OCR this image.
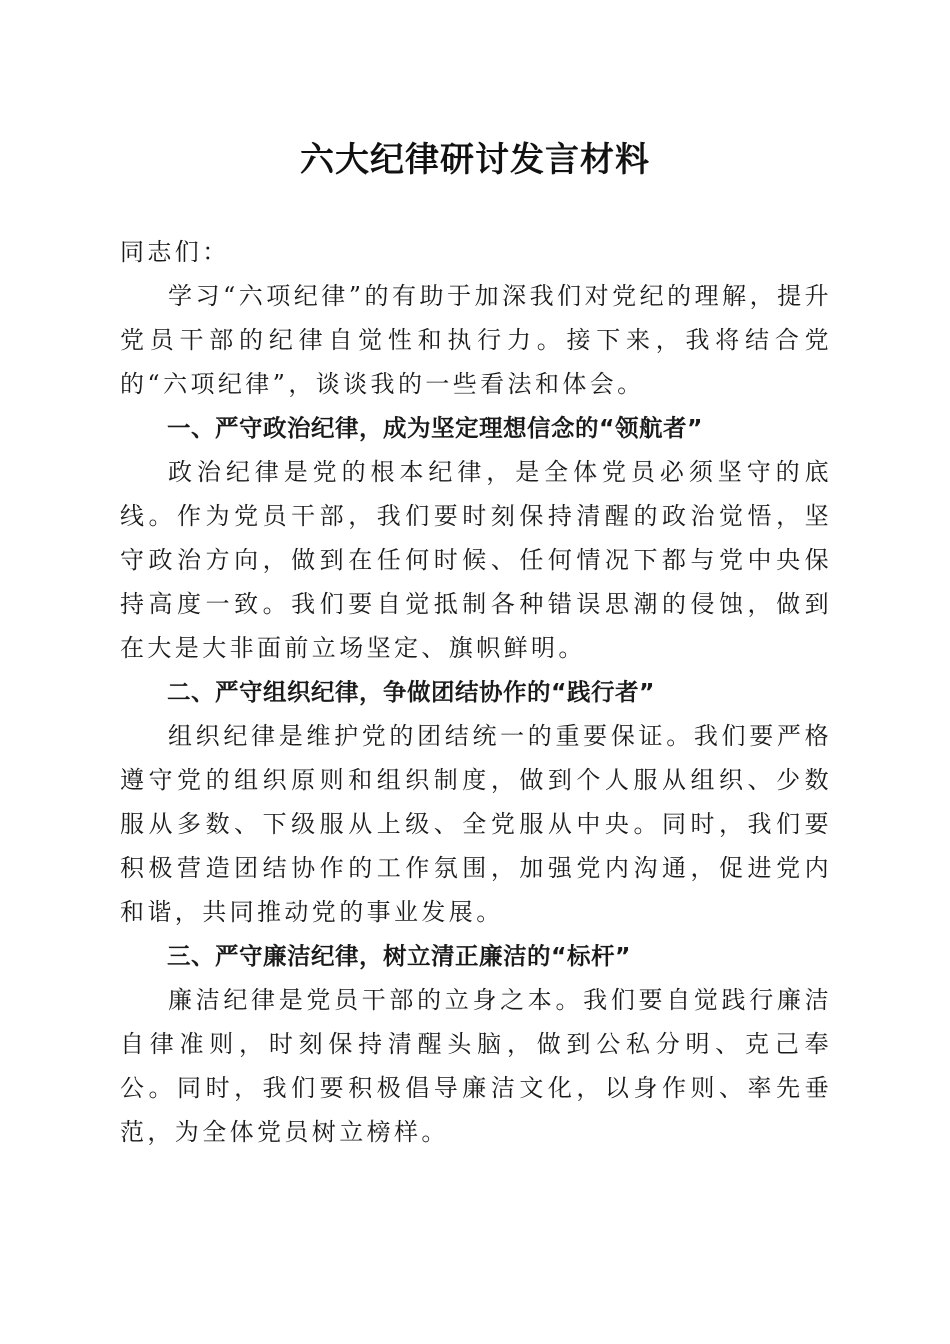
六大纪律研讨发言材料

同志们：

学习“六项纪律”的有助于加深我们对党纪的理解，提升党员干部的纪律自觉性和执行力。接下来，我将结合党的“六项纪律”，谈谈我的一些看法和体会。

一、严守政治纪律，成为坚定理想信念的“领航者”

政治纪律是党的根本纪律，是全体党员必须坚守的底线。作为党员干部，我们要时刻保持清醒的政治觉悟，坚守政治方向，做到在任何时候、任何情况下都与党中央保持高度一致。我们要自觉抵制各种错误思潮的侵蚀，做到在大是大非面前立场坚定、旗帜鲜明。

二、严守组织纪律，争做团结协作的“践行者”

组织纪律是维护党的团结统一的重要保证。我们要严格遵守党的组织原则和组织制度，做到个人服从组织、少数服从多数、下级服从上级、全党服从中央。同时，我们要积极营造团结协作的工作氛围，加强党内沟通，促进党内和谐，共同推动党的事业发展。

三、严守廉洁纪律，树立清正廉洁的“标杆”

廉洁纪律是党员干部的立身之本。我们要自觉践行廉洁自律准则，时刻保持清醒头脑，做到公私分明、克己奉公。同时，我们要积极倡导廉洁文化，以身作则、率先垂范，为全体党员树立榜样。
